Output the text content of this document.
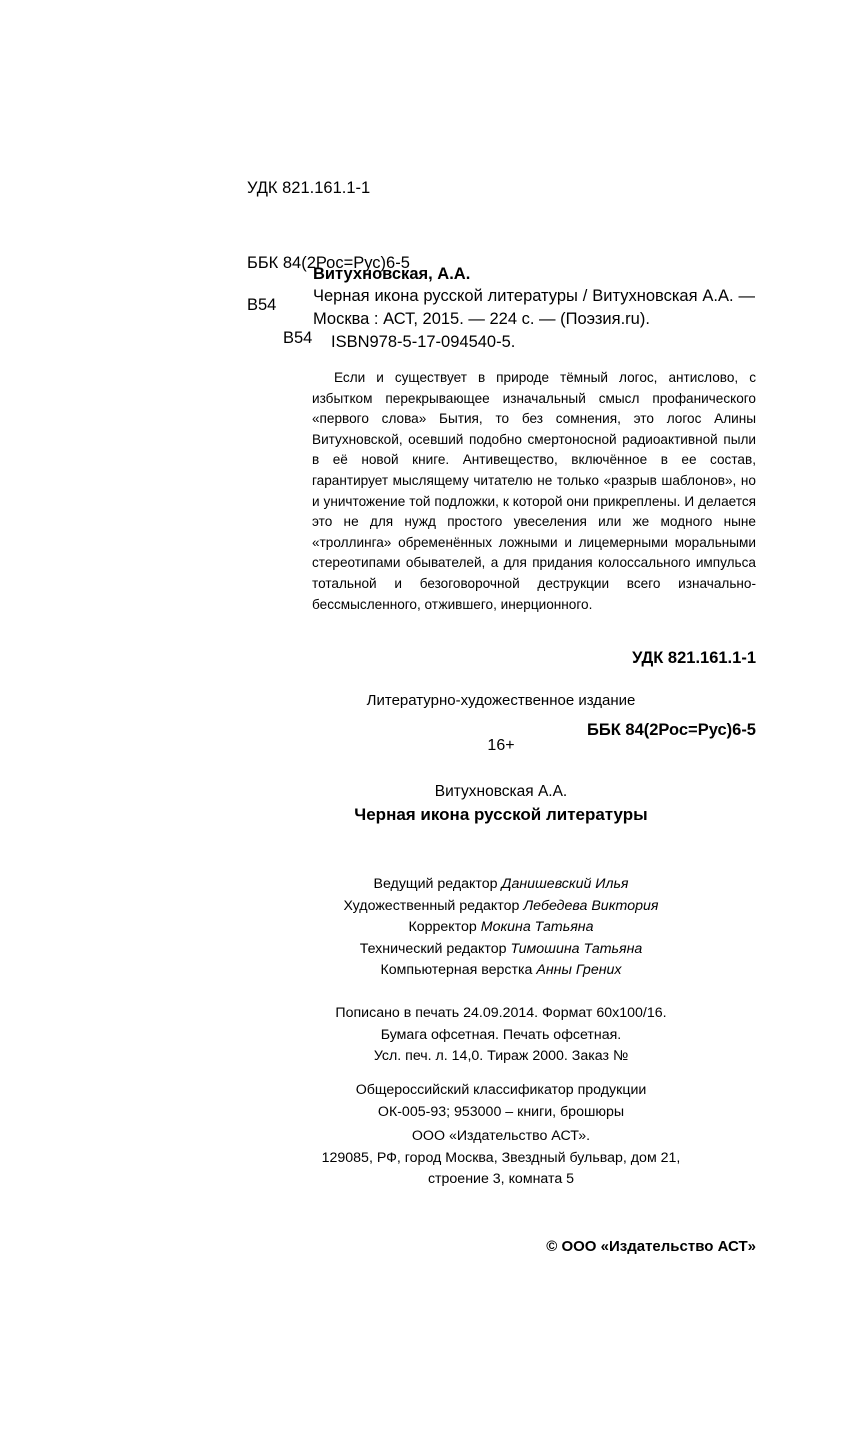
УДК 821.161.1-1

ББК 84(2Рос=Рус)6-5

В54

Витухновская, А.А.
В54 Черная икона русской литературы / Витухновская А.А. — Москва : АСТ, 2015. — 224 с. — (Поэзия.ru).
ISBN978-5-17-094540-5.
Если и существует в природе тёмный логос, антислово, с избытком перекрывающее изначальный смысл профанического «первого слова» Бытия, то без сомнения, это логос Алины Витухновской, осевший подобно смертоносной радиоактивной пыли в её новой книге. Антивещество, включённое в ее состав, гарантирует мыслящему читателю не только «разрыв шаблонов», но и уничтожение той подложки, к которой они прикреплены. И делается это не для нужд простого увеселения или же модного ныне «троллинга» обременённых ложными и лицемерными моральными стереотипами обывателей, а для придания колоссального импульса тотальной и безоговорочной деструкции всего изначально-бессмысленного, отжившего, инерционного.

УДК 821.161.1-1

ББК 84(2Рос=Рус)6-5

Литературно-художественное издание
16+
Витухновская А.А.
Черная икона русской литературы
Ведущий редактор Данишевский Илья
Художественный редактор Лебедева Виктория
Корректор Мокина Татьяна
Технический редактор Тимошина Татьяна
Компьютерная верстка Анны Грених
Пописано в печать 24.09.2014. Формат 60х100/16.
Бумага офсетная. Печать офсетная.
Усл. печ. л. 14,0. Тираж 2000. Заказ №
Общероссийский классификатор продукции
ОК-005-93; 953000 – книги, брошюры
ООО «Издательство АСТ».
129085, РФ, город Москва, Звездный бульвар, дом 21,
строение 3, комната 5
© ООО «Издательство АСТ»
